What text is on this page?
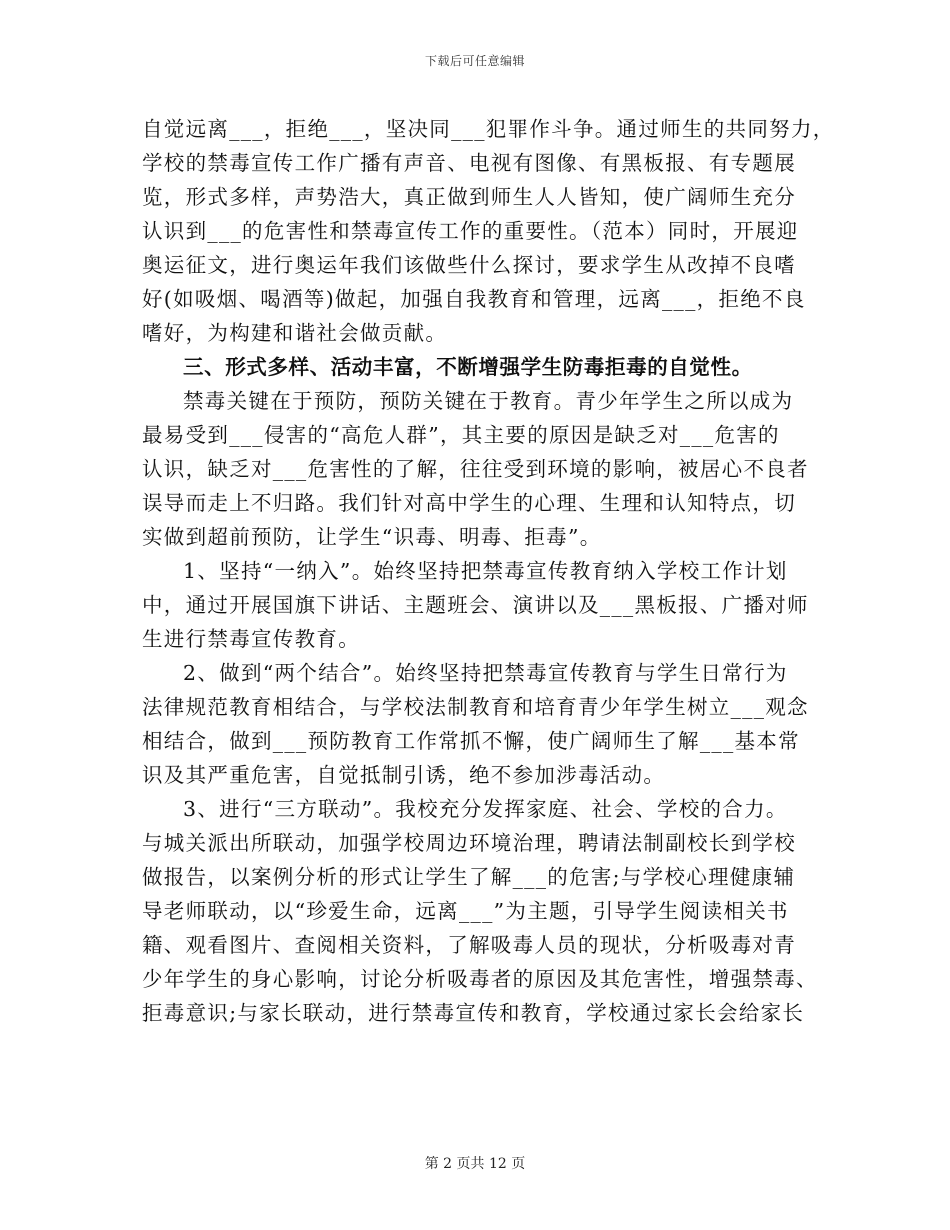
下载后可任意编辑
自觉远离___，拒绝___，坚决同___犯罪作斗争。通过师生的共同努力，
学校的禁毒宣传工作广播有声音、电视有图像、有黑板报、有专题展
览，形式多样，声势浩大，真正做到师生人人皆知，使广阔师生充分
认识到___的危害性和禁毒宣传工作的重要性。（范本）同时，开展迎
奥运征文，进行奥运年我们该做些什么探讨，要求学生从改掉不良嗜
好(如吸烟、喝酒等)做起，加强自我教育和管理，远离___，拒绝不良
嗜好，为构建和谐社会做贡献。
三、形式多样、活动丰富，不断增强学生防毒拒毒的自觉性。
禁毒关键在于预防，预防关键在于教育。青少年学生之所以成为
最易受到___侵害的“高危人群”，其主要的原因是缺乏对___危害的
认识，缺乏对___危害性的了解，往往受到环境的影响，被居心不良者
误导而走上不归路。我们针对高中学生的心理、生理和认知特点，切
实做到超前预防，让学生“识毒、明毒、拒毒”。
1、坚持“一纳入”。始终坚持把禁毒宣传教育纳入学校工作计划
中，通过开展国旗下讲话、主题班会、演讲以及___黑板报、广播对师
生进行禁毒宣传教育。
2、做到“两个结合”。始终坚持把禁毒宣传教育与学生日常行为
法律规范教育相结合，与学校法制教育和培育青少年学生树立___观念
相结合，做到___预防教育工作常抓不懈，使广阔师生了解___基本常
识及其严重危害，自觉抵制引诱，绝不参加涉毒活动。
3、进行“三方联动”。我校充分发挥家庭、社会、学校的合力。
与城关派出所联动，加强学校周边环境治理，聘请法制副校长到学校
做报告，以案例分析的形式让学生了解___的危害;与学校心理健康辅
导老师联动，以“珍爱生命，远离___”为主题，引导学生阅读相关书
籍、观看图片、查阅相关资料，了解吸毒人员的现状，分析吸毒对青
少年学生的身心影响，讨论分析吸毒者的原因及其危害性，增强禁毒、
拒毒意识;与家长联动，进行禁毒宣传和教育，学校通过家长会给家长
第 2 页共 12 页
